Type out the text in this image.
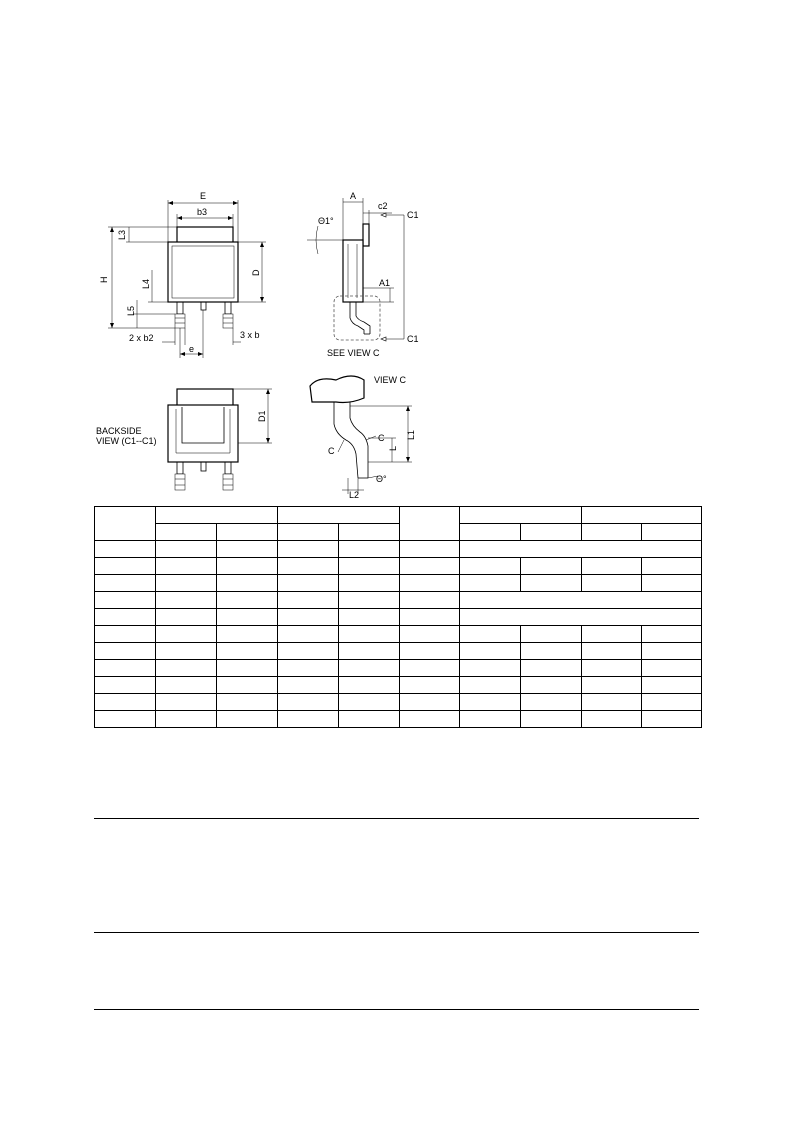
E
b3
L3
H
D
L4
L5
2 x b2
e
3 x b
A
c2
C1
C1
Θ1°
A1
SEE VIEW C
D1
BACKSIDE
VIEW (C1--C1)
L1
L
C
C
Θ°
L2
VIEW C
